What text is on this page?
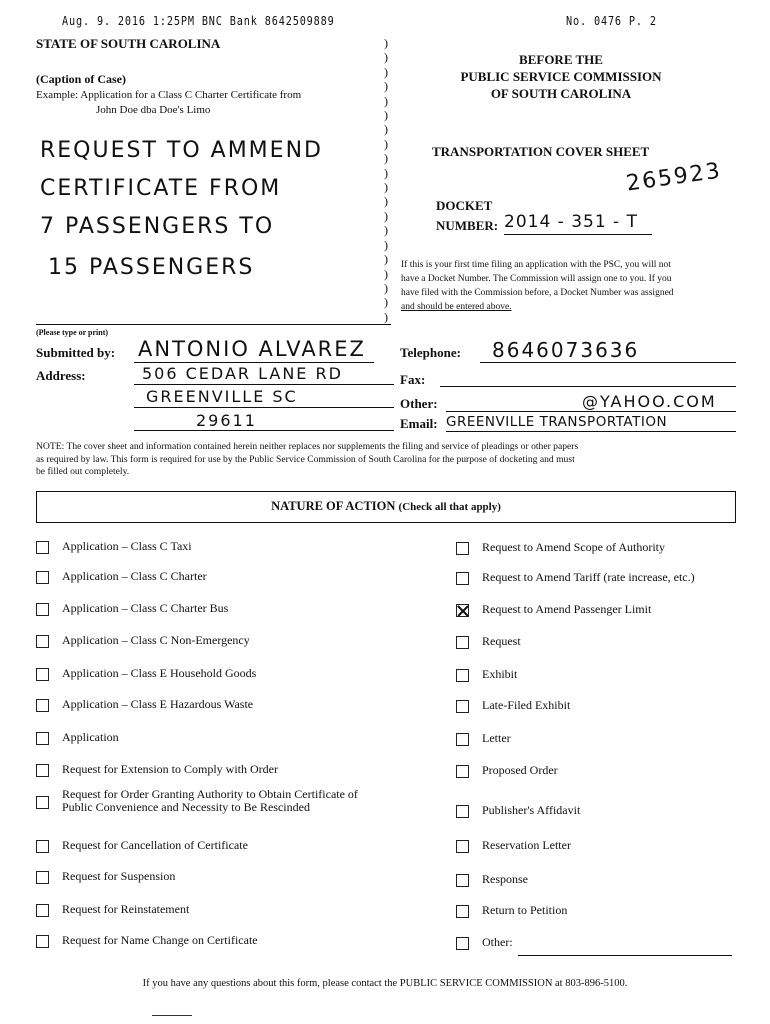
Aug. 9. 2016 1:25PM BNC Bank 8642509889	No. 0476 P. 2
STATE OF SOUTH CAROLINA
(Caption of Case)
Example: Application for a Class C Charter Certificate from
John Doe dba Doe's Limo
REQUEST TO AMMEND
CERTIFICATE FROM
7 PASSENGERS TO
15 PASSENGERS
)
)
)
)
)
)
)
)
)
)
)
)
)
)
)
)
)
)
)
)
BEFORE THE
PUBLIC SERVICE COMMISSION
OF SOUTH CAROLINA
TRANSPORTATION COVER SHEET
265923
DOCKET
NUMBER: 2014 - 351 - T
If this is your first time filing an application with the PSC, you will not
have a Docket Number. The Commission will assign one to you. If you
have filed with the Commission before, a Docket Number was assigned
and should be entered above.
(Please type or print)
Submitted by: ANTONIO ALVAREZ
Address:	506 CEDAR LANE RD
GREENVILLE SC
29611
Telephone: 8646073636
Fax:
Other:	@YAHOO.COM
Email: GREENVILLE TRANSPORTATION
NOTE: The cover sheet and information contained herein neither replaces nor supplements the filing and service of pleadings or other papers
as required by law. This form is required for use by the Public Service Commission of South Carolina for the purpose of docketing and must
be filled out completely.
NATURE OF ACTION (Check all that apply)
Application – Class C Taxi
Application – Class C Charter
Application – Class C Charter Bus
Application – Class C Non-Emergency
Application – Class E Household Goods
Application – Class E Hazardous Waste
Application
Request for Extension to Comply with Order
Request for Order Granting Authority to Obtain Certificate of
Public Convenience and Necessity to Be Rescinded
Request for Cancellation of Certificate
Request for Suspension
Request for Reinstatement
Request for Name Change on Certificate
Request to Amend Scope of Authority
Request to Amend Tariff (rate increase, etc.)
Request to Amend Passenger Limit
Request
Exhibit
Late-Filed Exhibit
Letter
Proposed Order
Publisher's Affidavit
Reservation Letter
Response
Return to Petition
Other:
If you have any questions about this form, please contact the PUBLIC SERVICE COMMISSION at 803-896-5100.
